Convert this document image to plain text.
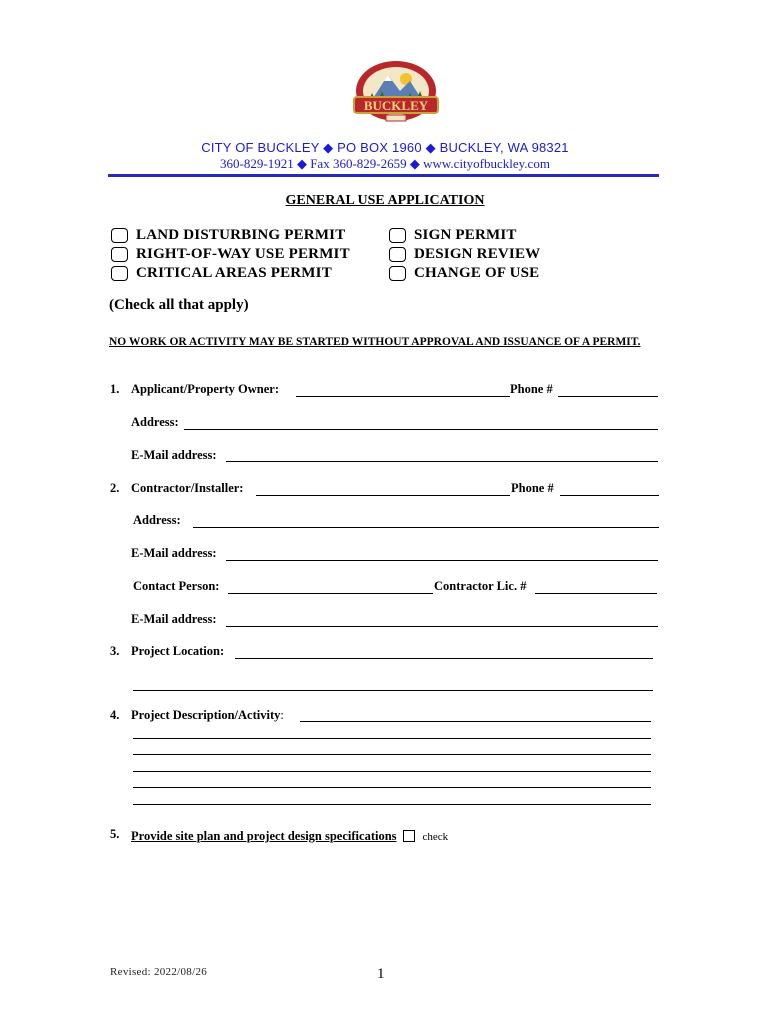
BUCKLEY
CITY OF BUCKLEY ◆ PO BOX 1960 ◆ BUCKLEY, WA 98321
360-829-1921 ◆ Fax 360-829-2659 ◆ www.cityofbuckley.com
GENERAL USE APPLICATION
LAND DISTURBING PERMIT
RIGHT-OF-WAY USE PERMIT
CRITICAL AREAS PERMIT
SIGN PERMIT
DESIGN REVIEW
CHANGE OF USE
(Check all that apply)
NO WORK OR ACTIVITY MAY BE STARTED WITHOUT APPROVAL AND ISSUANCE OF A PERMIT.
1. Applicant/Property Owner:	Phone #
Address:
E-Mail address:
2. Contractor/Installer:	Phone #
Address:
E-Mail address:
Contact Person:	Contractor Lic. #
E-Mail address:
3. Project Location:
4. Project Description/Activity:
5. Provide site plan and project design specifications check
Revised: 2022/08/26	1
